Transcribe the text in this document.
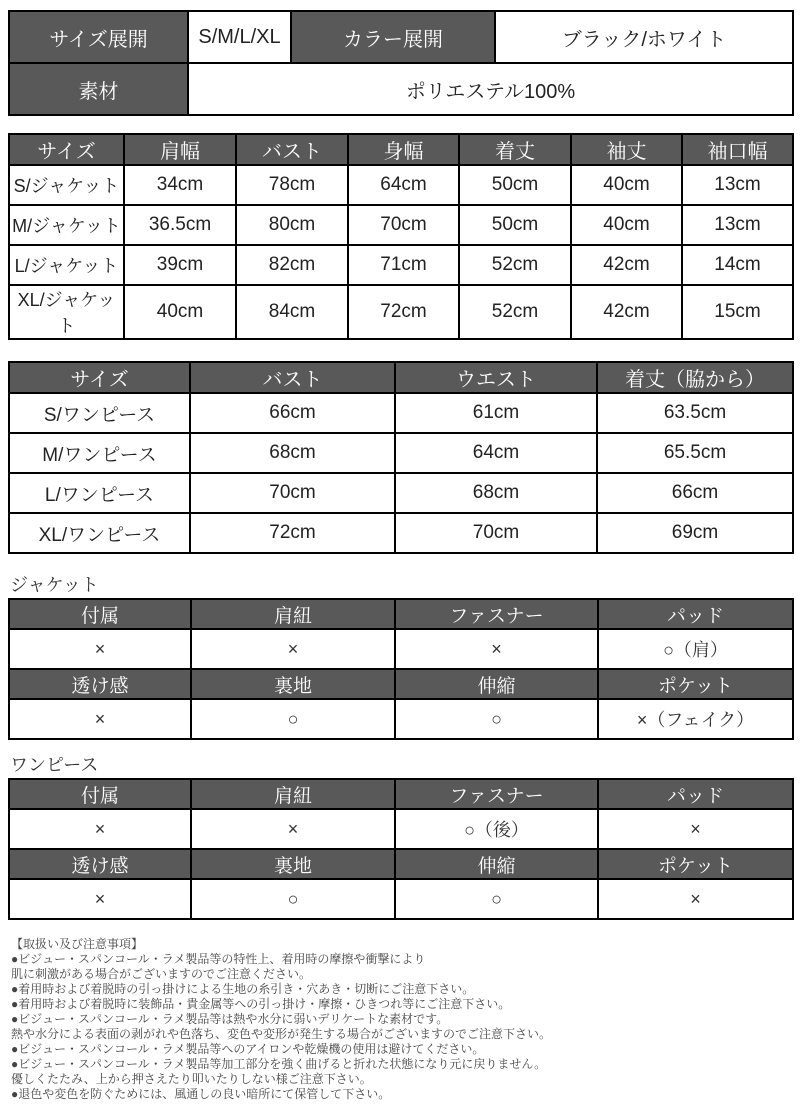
サイズ展開	S/M/L/XL	カラー展開	ブラック/ホワイト
素材	ポリエステル100%		
サイズ	肩幅	バスト	身幅	着丈	袖丈	袖口幅
S/ジャケット	34cm	78cm	64cm	50cm	40cm	13cm
M/ジャケット	36.5cm	80cm	70cm	50cm	40cm	13cm
L/ジャケット	39cm	82cm	71cm	52cm	42cm	14cm
XL/ジャケット	40cm	84cm	72cm	52cm	42cm	15cm
サイズ	バスト	ウエスト	着丈（脇から）
S/ワンピース	66cm	61cm	63.5cm
M/ワンピース	68cm	64cm	65.5cm
L/ワンピース	70cm	68cm	66cm
XL/ワンピース	72cm	70cm	69cm
ジャケット
付属	肩紐	ファスナー	パッド
×	×	×	○（肩）
透け感	裏地	伸縮	ポケット
×	○	○	×（フェイク）
ワンピース
付属	肩紐	ファスナー	パッド
×	×	○（後）	×
透け感	裏地	伸縮	ポケット
×	○	○	×
【取扱い及び注意事項】
●ビジュー・スパンコール・ラメ製品等の特性上、着用時の摩擦や衝撃により
肌に刺激がある場合がございますのでご注意ください。
●着用時および着脱時の引っ掛けによる生地の糸引き・穴あき・切断にご注意下さい。
●着用時および着脱時に装飾品・貴金属等への引っ掛け・摩擦・ひきつれ等にご注意下さい。
●ビジュー・スパンコール・ラメ製品等は熱や水分に弱いデリケートな素材です。
熱や水分による表面の剥がれや色落ち、変色や変形が発生する場合がございますのでご注意下さい。
●ビジュー・スパンコール・ラメ製品等へのアイロンや乾燥機の使用は避けてください。
●ビジュー・スパンコール・ラメ製品等加工部分を強く曲げると折れた状態になり元に戻りません。
優しくたたみ、上から押さえたり叩いたりしない様ご注意下さい。
●退色や変色を防ぐためには、風通しの良い暗所にて保管して下さい。
